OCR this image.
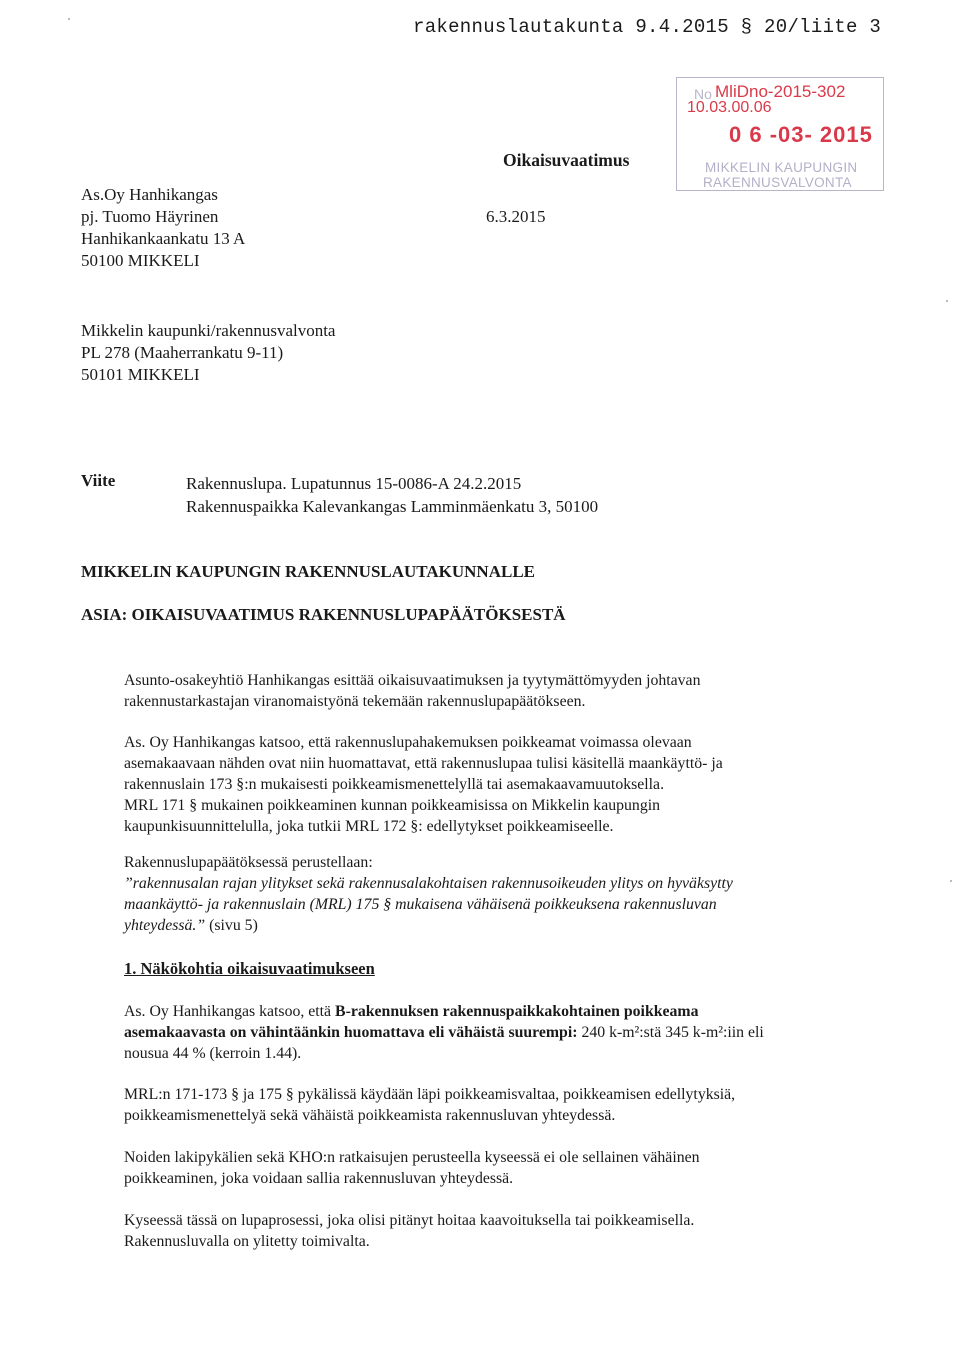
rakennuslautakunta 9.4.2015 § 20/liite 3
As.Oy Hanhikangas
pj. Tuomo Häyrinen
Hanhikankaankatu 13 A
50100 MIKKELI
Oikaisuvaatimus
6.3.2015
No MliDno-2015-302
10.03.00.06
0 6 -03- 2015
MIKKELIN KAUPUNGIN
RAKENNUSVALVONTA
Mikkelin kaupunki/rakennusvalvonta
PL 278 (Maaherrankatu 9-11)
50101 MIKKELI
Viite	Rakennuslupa. Lupatunnus 15-0086-A 24.2.2015
Rakennuspaikka Kalevankangas Lamminmäenkatu 3, 50100
MIKKELIN KAUPUNGIN RAKENNUSLAUTAKUNNALLE
ASIA: OIKAISUVAATIMUS RAKENNUSLUPAPÄÄTÖKSESTÄ
Asunto-osakeyhtiö Hanhikangas esittää oikaisuvaatimuksen ja tyytymättömyyden johtavan
rakennustarkastajan viranomaistyönä tekemään rakennuslupapäätökseen.
As. Oy Hanhikangas katsoo, että rakennuslupahakemuksen poikkeamat voimassa olevaan
asemakaavaan nähden ovat niin huomattavat, että rakennuslupaa tulisi käsitellä maankäyttö- ja
rakennuslain 173 §:n mukaisesti poikkeamismenettelyllä tai asemakaavamuutoksella.
MRL 171 § mukainen poikkeaminen kunnan poikkeamisissa on Mikkelin kaupungin
kaupunkisuunnittelulla, joka tutkii MRL 172 §: edellytykset poikkeamiseelle.
Rakennuslupapäätöksessä perustellaan:
”rakennusalan rajan ylitykset sekä rakennusalakohtaisen rakennusoikeuden ylitys on hyväksytty
maankäyttö- ja rakennuslain (MRL) 175 § mukaisena vähäisenä poikkeuksena rakennusluvan
yhteydessä.” (sivu 5)
1. Näkökohtia oikaisuvaatimukseen
As. Oy Hanhikangas katsoo, että B-rakennuksen rakennuspaikkakohtainen poikkeama
asemakaavasta on vähintäänkin huomattava eli vähäistä suurempi: 240 k-m²:stä 345 k-m²:iin eli
nousua 44 % (kerroin 1.44).
MRL:n 171-173 § ja 175 § pykälissä käydään läpi poikkeamisvaltaa, poikkeamisen edellytyksiä,
poikkeamismenettelyä sekä vähäistä poikkeamista rakennusluvan yhteydessä.
Noiden lakipykälien sekä KHO:n ratkaisujen perusteella kyseessä ei ole sellainen vähäinen
poikkeaminen, joka voidaan sallia rakennusluvan yhteydessä.
Kyseessä tässä on lupaprosessi, joka olisi pitänyt hoitaa kaavoituksella tai poikkeamisella.
Rakennusluvalla on ylitetty toimivalta.
